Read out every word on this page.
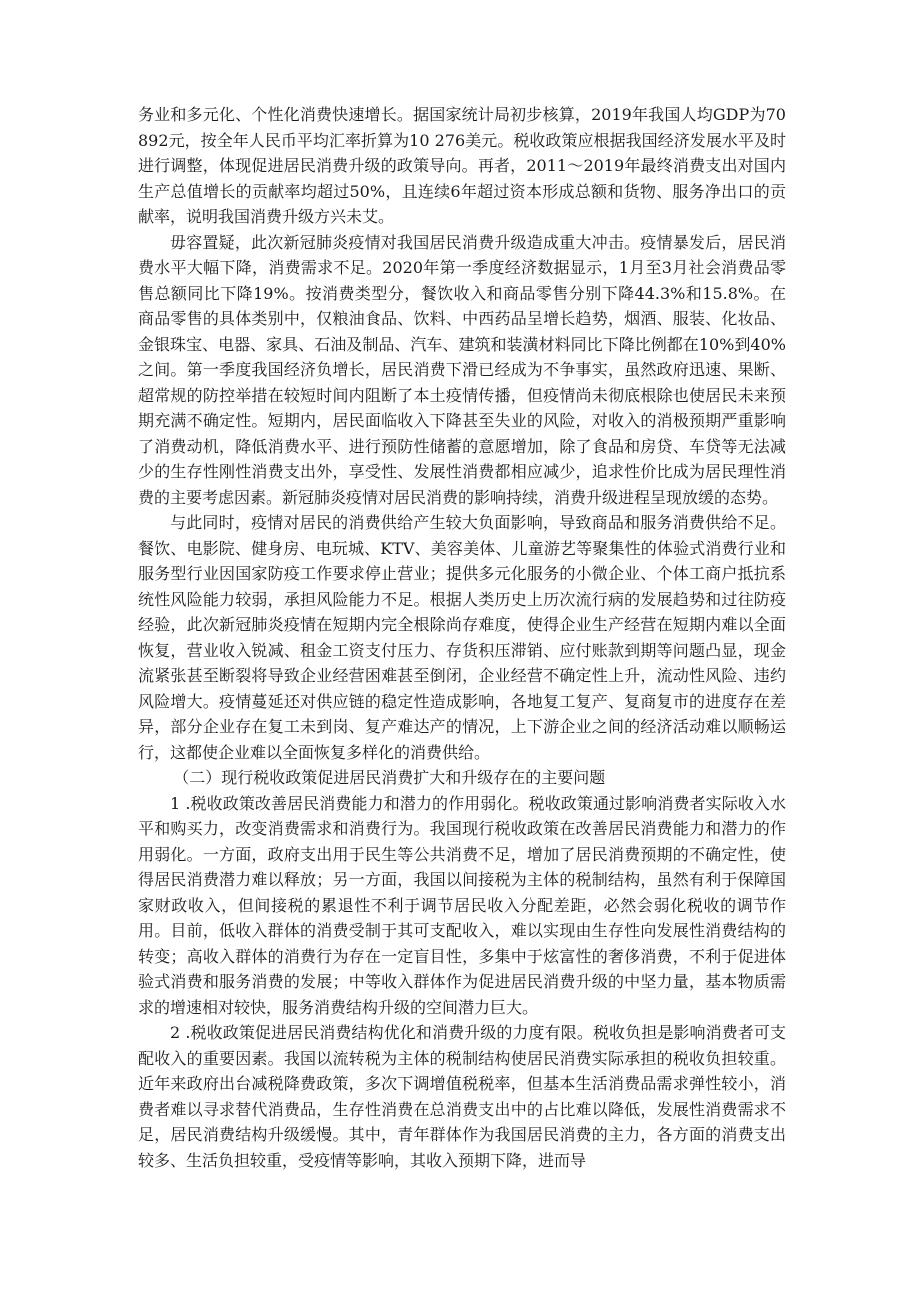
务业和多元化、个性化消费快速增长。据国家统计局初步核算，2019年我国人均GDP为70 892元，按全年人民币平均汇率折算为10 276美元。税收政策应根据我国经济发展水平及时进行调整，体现促进居民消费升级的政策导向。再者，2011～2019年最终消费支出对国内生产总值增长的贡献率均超过50%，且连续6年超过资本形成总额和货物、服务净出口的贡献率，说明我国消费升级方兴未艾。

毋容置疑，此次新冠肺炎疫情对我国居民消费升级造成重大冲击。疫情暴发后，居民消费水平大幅下降，消费需求不足。2020年第一季度经济数据显示，1月至3月社会消费品零售总额同比下降19%。按消费类型分，餐饮收入和商品零售分别下降44.3%和15.8%。在商品零售的具体类别中，仅粮油食品、饮料、中西药品呈增长趋势，烟酒、服装、化妆品、金银珠宝、电器、家具、石油及制品、汽车、建筑和装潢材料同比下降比例都在10%到40%之间。第一季度我国经济负增长，居民消费下滑已经成为不争事实，虽然政府迅速、果断、超常规的防控举措在较短时间内阻断了本土疫情传播，但疫情尚未彻底根除也使居民未来预期充满不确定性。短期内，居民面临收入下降甚至失业的风险，对收入的消极预期严重影响了消费动机，降低消费水平、进行预防性储蓄的意愿增加，除了食品和房贷、车贷等无法减少的生存性刚性消费支出外，享受性、发展性消费都相应减少，追求性价比成为居民理性消费的主要考虑因素。新冠肺炎疫情对居民消费的影响持续，消费升级进程呈现放缓的态势。

与此同时，疫情对居民的消费供给产生较大负面影响，导致商品和服务消费供给不足。餐饮、电影院、健身房、电玩城、KTV、美容美体、儿童游艺等聚集性的体验式消费行业和服务型行业因国家防疫工作要求停止营业；提供多元化服务的小微企业、个体工商户抵抗系统性风险能力较弱，承担风险能力不足。根据人类历史上历次流行病的发展趋势和过往防疫经验，此次新冠肺炎疫情在短期内完全根除尚存难度，使得企业生产经营在短期内难以全面恢复，营业收入锐减、租金工资支付压力、存货积压滞销、应付账款到期等问题凸显，现金流紧张甚至断裂将导致企业经营困难甚至倒闭，企业经营不确定性上升，流动性风险、违约风险增大。疫情蔓延还对供应链的稳定性造成影响，各地复工复产、复商复市的进度存在差异，部分企业存在复工未到岗、复产难达产的情况，上下游企业之间的经济活动难以顺畅运行，这都使企业难以全面恢复多样化的消费供给。

（二）现行税收政策促进居民消费扩大和升级存在的主要问题

1 .税收政策改善居民消费能力和潜力的作用弱化。税收政策通过影响消费者实际收入水平和购买力，改变消费需求和消费行为。我国现行税收政策在改善居民消费能力和潜力的作用弱化。一方面，政府支出用于民生等公共消费不足，增加了居民消费预期的不确定性，使得居民消费潜力难以释放；另一方面，我国以间接税为主体的税制结构，虽然有利于保障国家财政收入，但间接税的累退性不利于调节居民收入分配差距，必然会弱化税收的调节作用。目前，低收入群体的消费受制于其可支配收入，难以实现由生存性向发展性消费结构的转变；高收入群体的消费行为存在一定盲目性，多集中于炫富性的奢侈消费，不利于促进体验式消费和服务消费的发展；中等收入群体作为促进居民消费升级的中坚力量，基本物质需求的增速相对较快，服务消费结构升级的空间潜力巨大。

2 .税收政策促进居民消费结构优化和消费升级的力度有限。税收负担是影响消费者可支配收入的重要因素。我国以流转税为主体的税制结构使居民消费实际承担的税收负担较重。近年来政府出台减税降费政策，多次下调增值税税率，但基本生活消费品需求弹性较小，消费者难以寻求替代消费品，生存性消费在总消费支出中的占比难以降低，发展性消费需求不足，居民消费结构升级缓慢。其中，青年群体作为我国居民消费的主力，各方面的消费支出较多、生活负担较重，受疫情等影响，其收入预期下降，进而导
